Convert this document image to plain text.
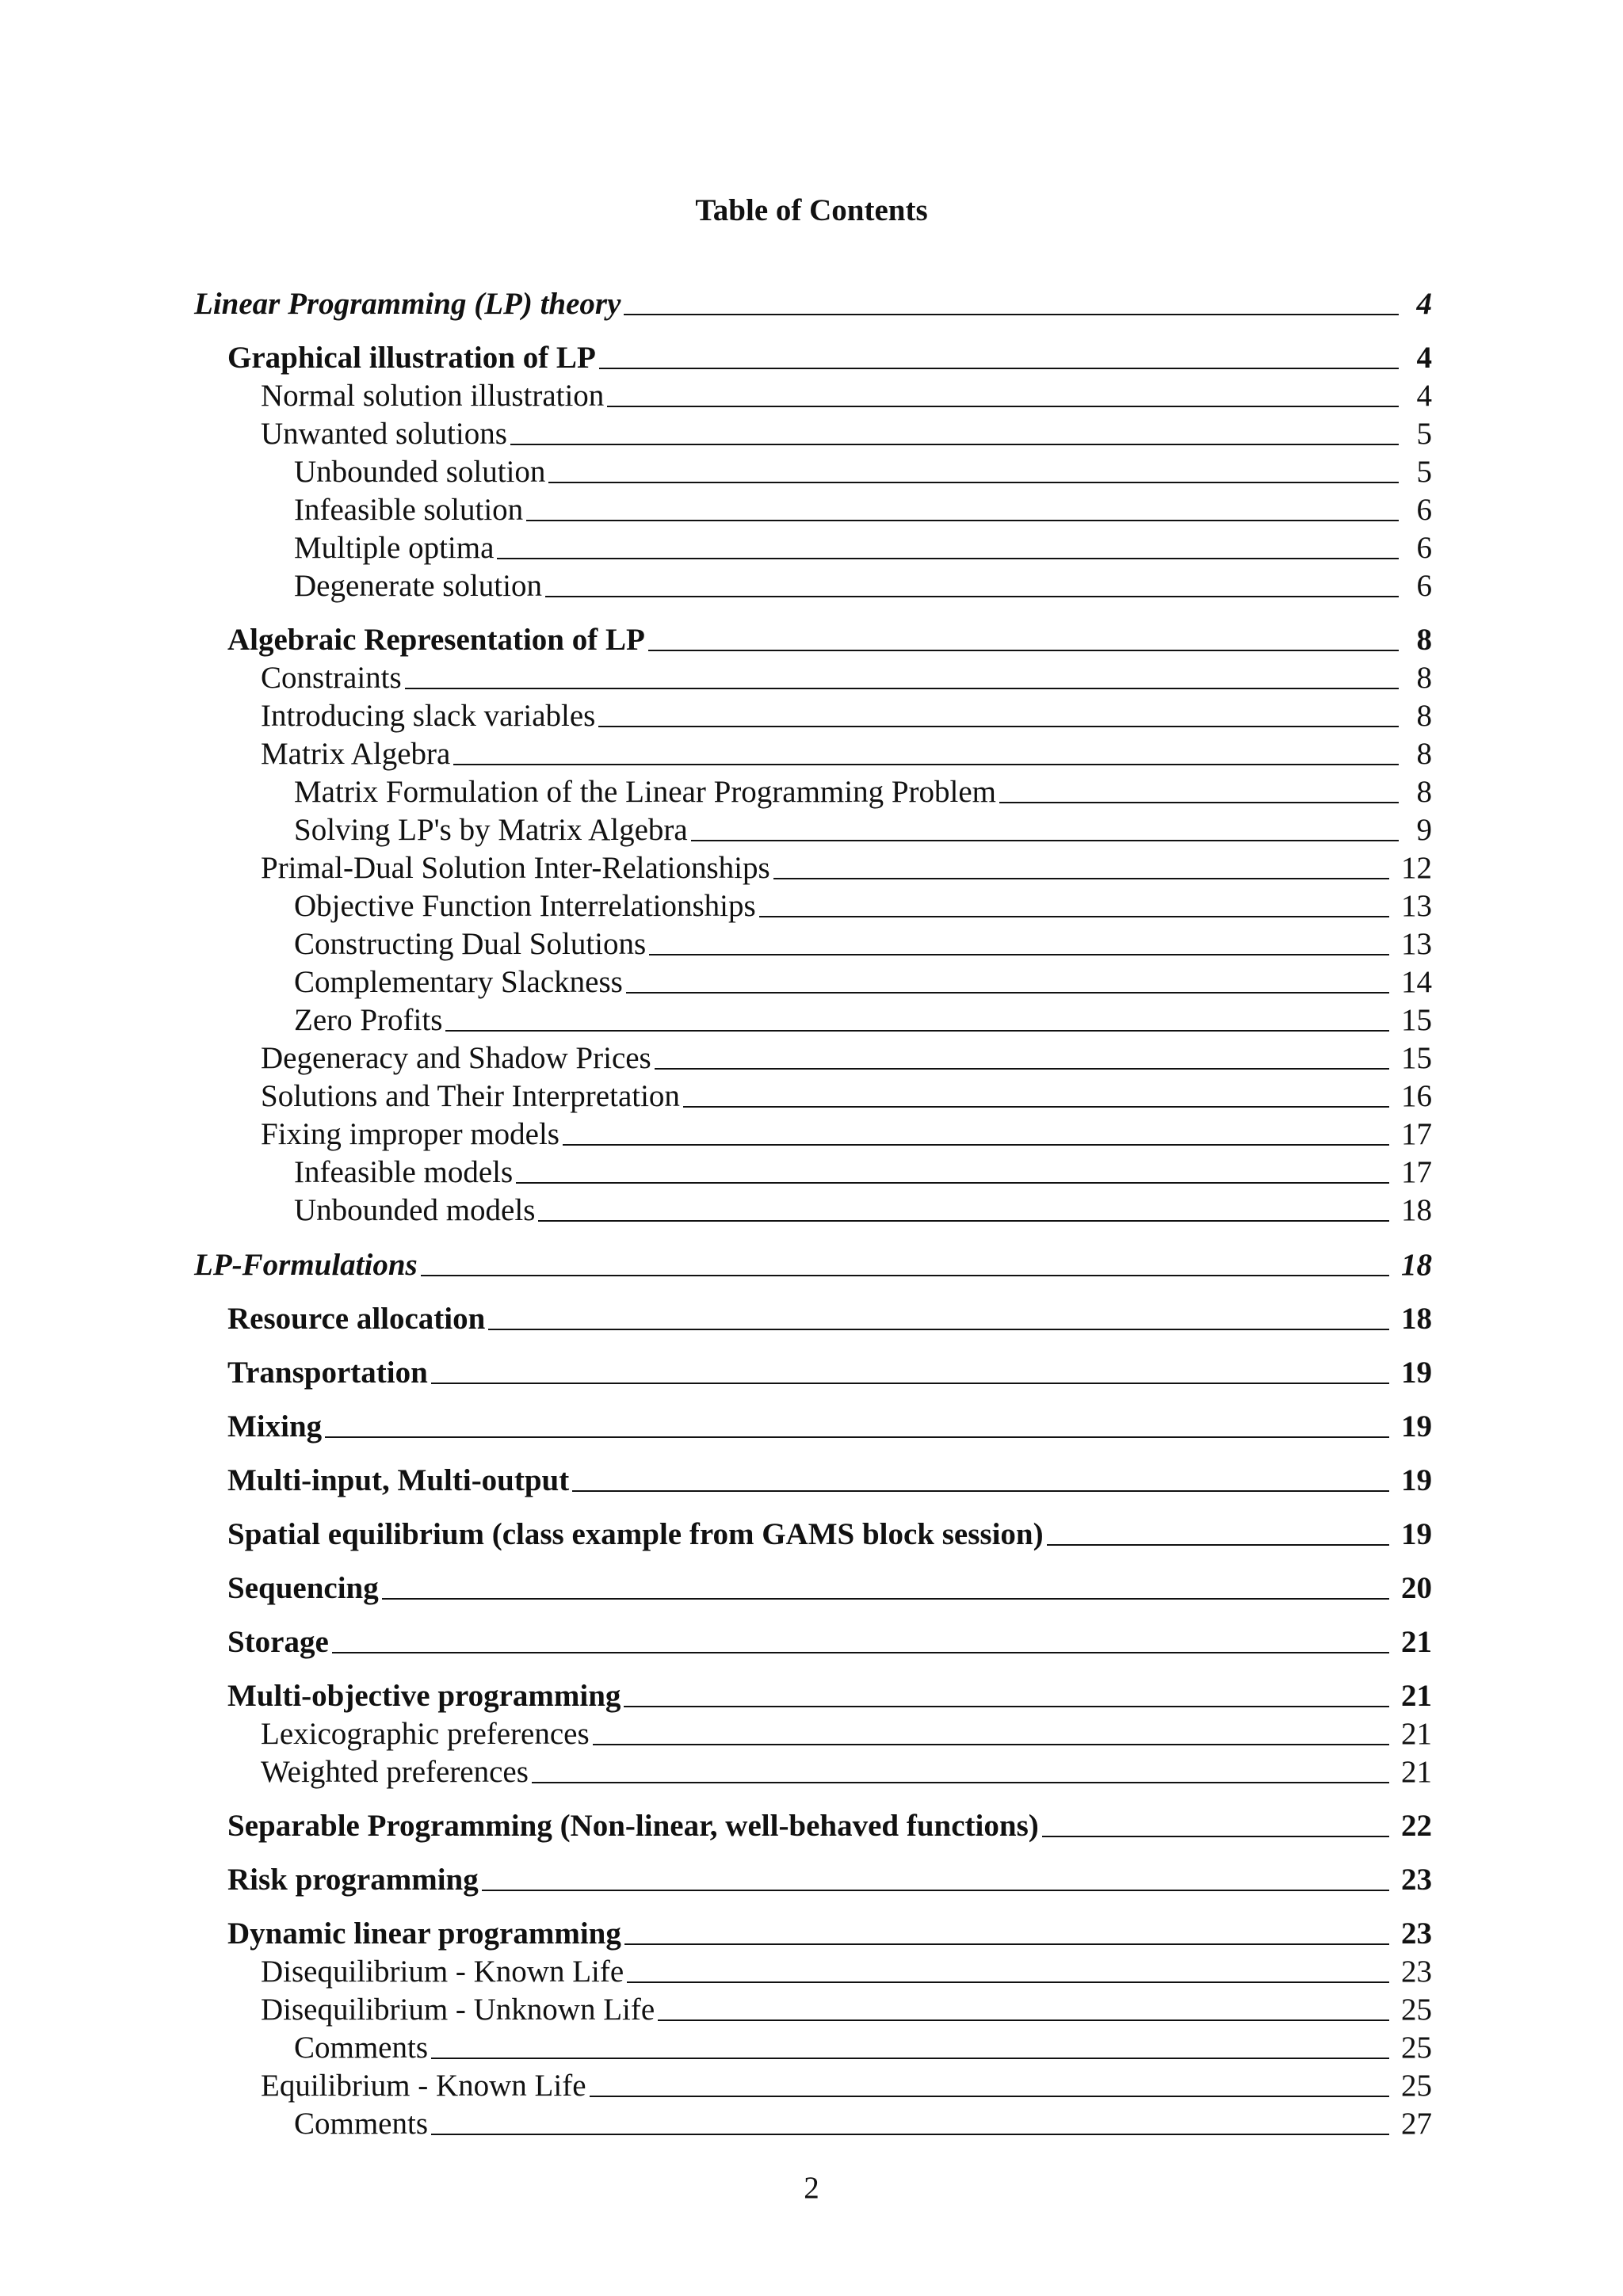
Table of Contents
Linear Programming (LP) theory	4
Graphical illustration of LP	4
Normal solution illustration	4
Unwanted solutions	5
Unbounded solution	5
Infeasible solution	6
Multiple optima	6
Degenerate solution	6
Algebraic Representation of LP	8
Constraints	8
Introducing slack variables	8
Matrix Algebra	8
Matrix Formulation of the Linear Programming Problem	8
Solving LP's by Matrix Algebra	9
Primal-Dual Solution Inter-Relationships	12
Objective Function Interrelationships	13
Constructing Dual Solutions	13
Complementary Slackness	14
Zero Profits	15
Degeneracy and Shadow Prices	15
Solutions and Their Interpretation	16
Fixing improper models	17
Infeasible models	17
Unbounded models	18
LP-Formulations	18
Resource allocation	18
Transportation	19
Mixing	19
Multi-input, Multi-output	19
Spatial equilibrium (class example from GAMS block session)	19
Sequencing	20
Storage	21
Multi-objective programming	21
Lexicographic preferences	21
Weighted preferences	21
Separable Programming (Non-linear, well-behaved functions)	22
Risk programming	23
Dynamic linear programming	23
Disequilibrium - Known Life	23
Disequilibrium - Unknown Life	25
Comments	25
Equilibrium - Known Life	25
Comments	27
2
